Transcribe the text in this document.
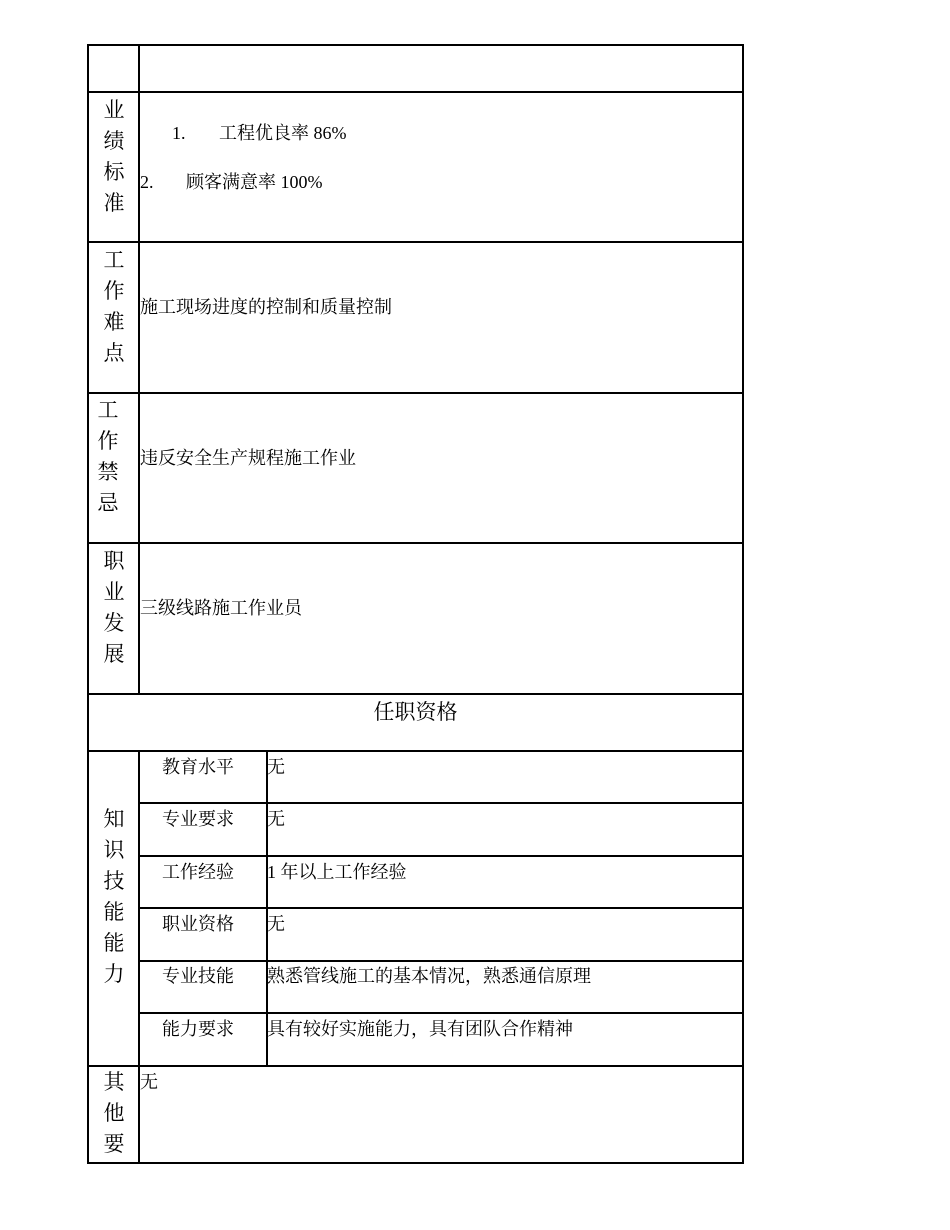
业
绩
标
准
1. 工程优良率 86%
2. 顾客满意率 100%
工
作
难
点
施工现场进度的控制和质量控制
工
作
禁
忌
违反安全生产规程施工作业
职
业
发
展
三级线路施工作业员
任职资格
知
识
技
能
能
力
教育水平 无
专业要求 无
工作经验 1 年以上工作经验
职业资格 无
专业技能 熟悉管线施工的基本情况，熟悉通信原理
能力要求 具有较好实施能力，具有团队合作精神
其
他
要
无
